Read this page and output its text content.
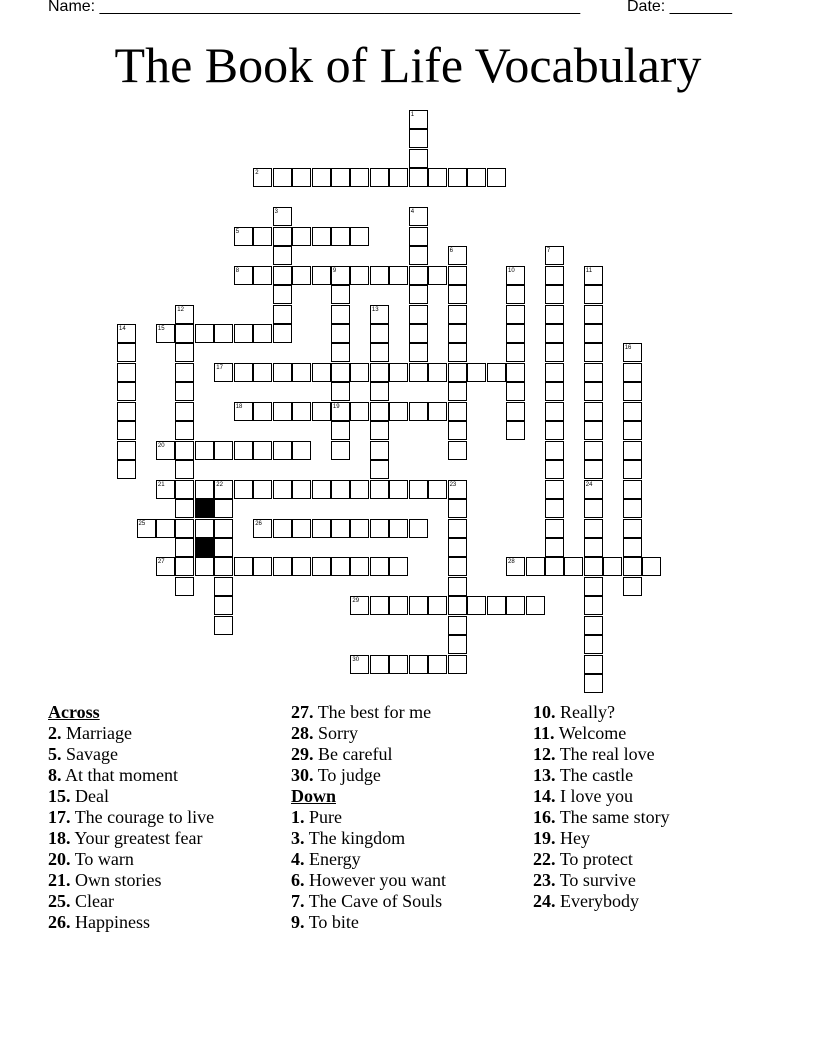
Name: ______________________________________________________	Date: _______
The Book of Life Vocabulary
1
2
3	4
5
6	7
8	9
19
10	11
12	13
14	15
16
17
18
20
21	22	23	24
25	26
27	28
29
30
Across
2. Marriage
5. Savage
8. At that moment
15. Deal
17. The courage to live
18. Your greatest fear
20. To warn
21. Own stories
25. Clear
26. Happiness
27. The best for me
28. Sorry
29. Be careful
30. To judge
Down
1. Pure
3. The kingdom
4. Energy
6. However you want
7. The Cave of Souls
9. To bite
10. Really?
11. Welcome
12. The real love
13. The castle
14. I love you
16. The same story
19. Hey
22. To protect
23. To survive
24. Everybody
